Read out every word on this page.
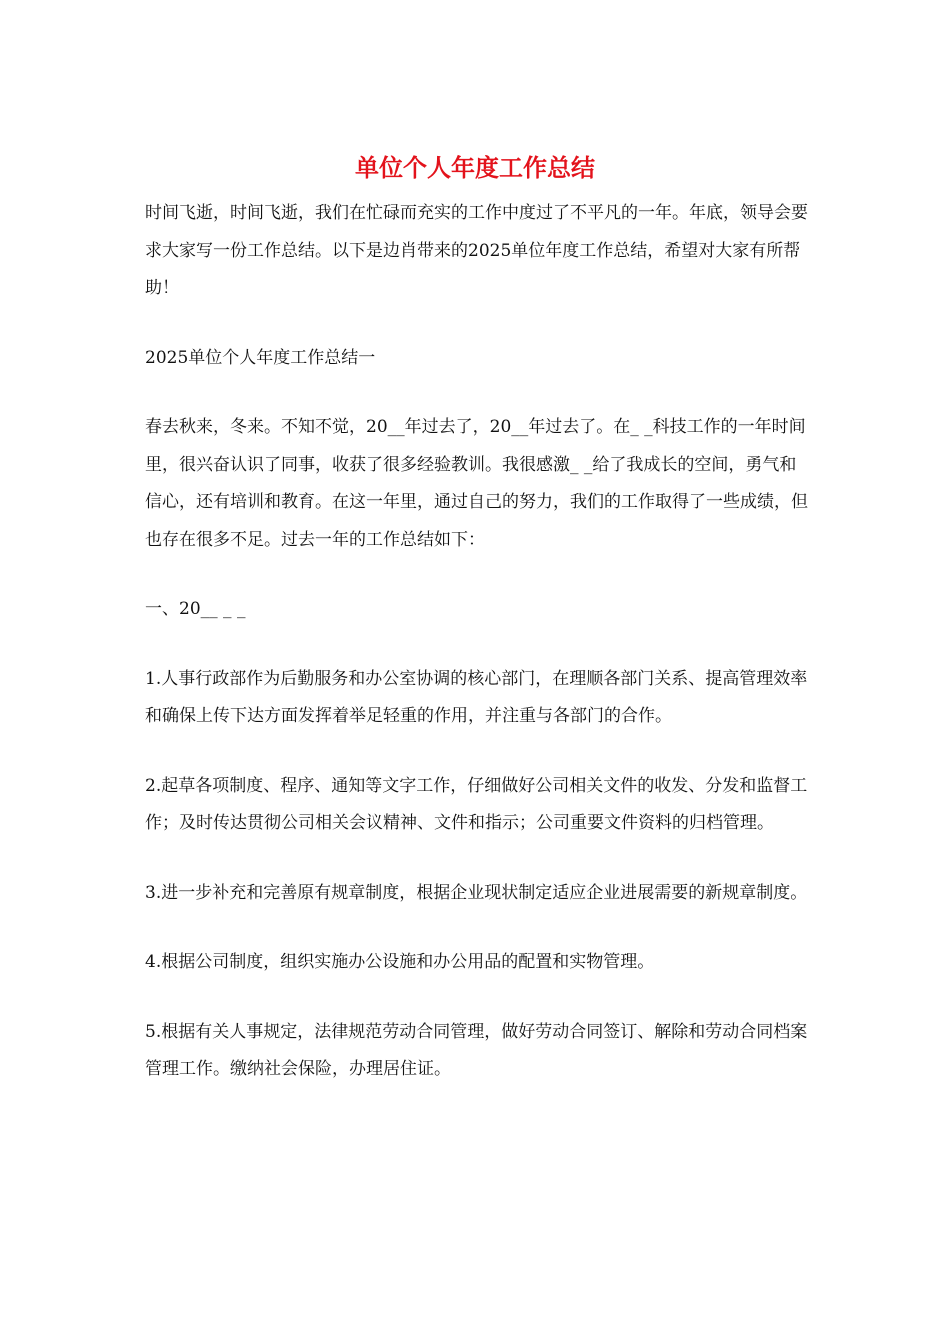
单位个人年度工作总结

时间飞逝，时间飞逝，我们在忙碌而充实的工作中度过了不平凡的一年。年底，领导会要求大家写一份工作总结。以下是边肖带来的2025单位年度工作总结，希望对大家有所帮助！

2025单位个人年度工作总结一

春去秋来，冬来。不知不觉，20__年过去了，20__年过去了。在_ _科技工作的一年时间里，很兴奋认识了同事，收获了很多经验教训。我很感激_ _给了我成长的空间，勇气和信心，还有培训和教育。在这一年里，通过自己的努力，我们的工作取得了一些成绩，但也存在很多不足。过去一年的工作总结如下：

一、20__ _ _

1.人事行政部作为后勤服务和办公室协调的核心部门，在理顺各部门关系、提高管理效率和确保上传下达方面发挥着举足轻重的作用，并注重与各部门的合作。

2.起草各项制度、程序、通知等文字工作，仔细做好公司相关文件的收发、分发和监督工作；及时传达贯彻公司相关会议精神、文件和指示；公司重要文件资料的归档管理。

3.进一步补充和完善原有规章制度，根据企业现状制定适应企业进展需要的新规章制度。

4.根据公司制度，组织实施办公设施和办公用品的配置和实物管理。

5.根据有关人事规定，法律规范劳动合同管理，做好劳动合同签订、解除和劳动合同档案管理工作。缴纳社会保险，办理居住证。
